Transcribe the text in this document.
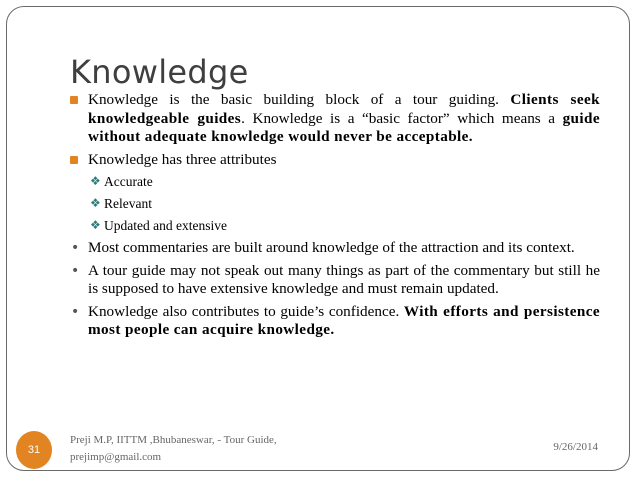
Knowledge
Knowledge is the basic building block of a tour guiding. Clients seek knowledgeable guides. Knowledge is a “basic factor” which means a guide without adequate knowledge would never be acceptable.
Knowledge has three attributes
❖ Accurate
❖ Relevant
❖ Updated and extensive
• Most commentaries are built around knowledge of the attraction and its context.
• A tour guide may not speak out many things as part of the commentary but still he is supposed to have extensive knowledge and must remain updated.
• Knowledge also contributes to guide’s confidence. With efforts and persistence most people can acquire knowledge.
31
Preji M.P, IITTM ,Bhubaneswar, - Tour Guide, prejimp@gmail.com
9/26/2014
